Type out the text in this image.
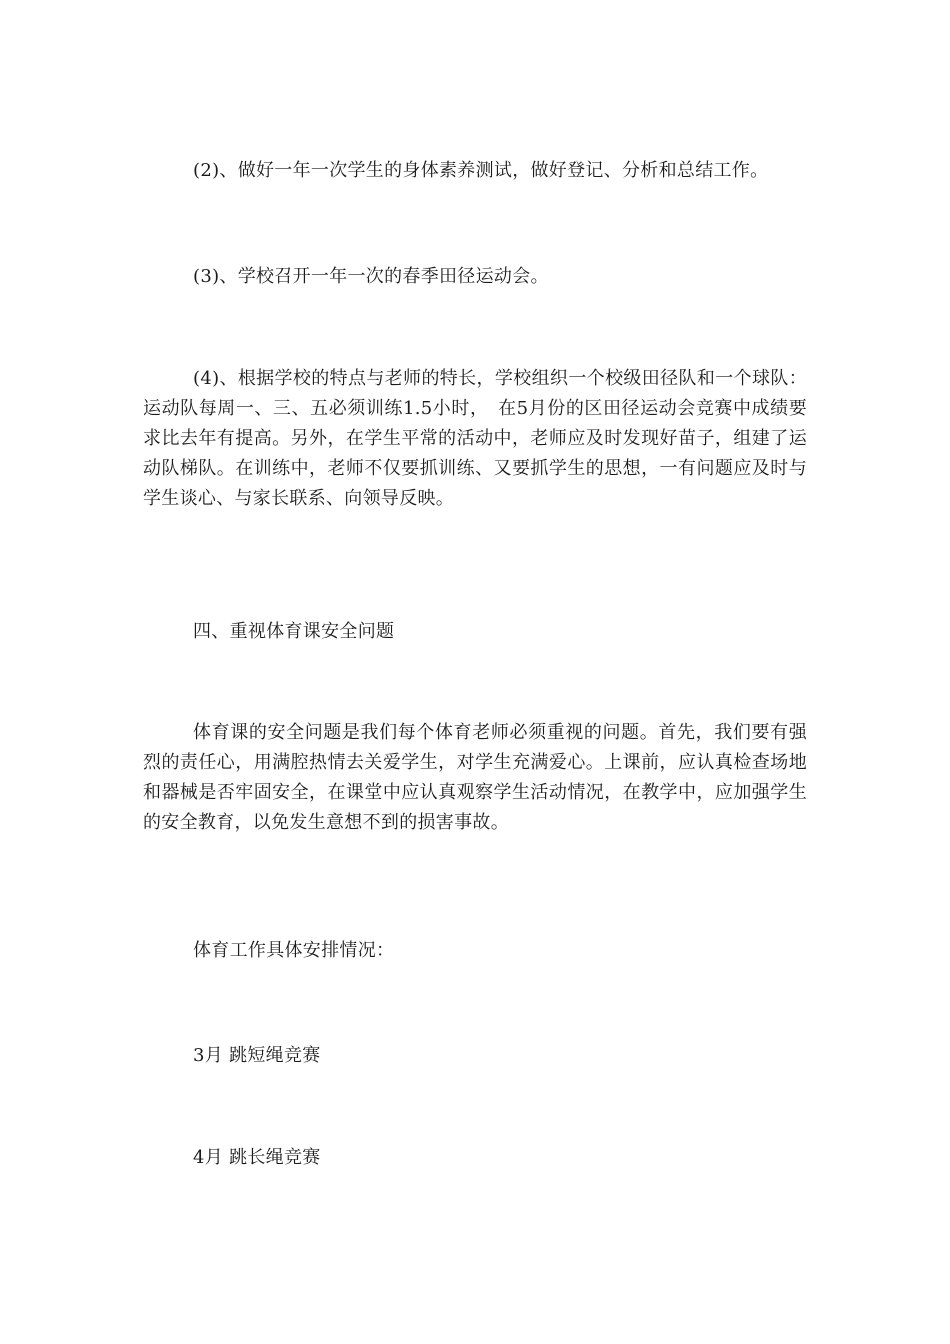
(2)、做好一年一次学生的身体素养测试，做好登记、分析和总结工作。

(3)、学校召开一年一次的春季田径运动会。

(4)、根据学校的特点与老师的特长，学校组织一个校级田径队和一个球队：运动队每周一、三、五必须训练1.5小时，　在5月份的区田径运动会竞赛中成绩要求比去年有提高。另外，在学生平常的活动中，老师应及时发现好苗子，组建了运动队梯队。在训练中，老师不仅要抓训练、又要抓学生的思想，一有问题应及时与学生谈心、与家长联系、向领导反映。

四、重视体育课安全问题

体育课的安全问题是我们每个体育老师必须重视的问题。首先，我们要有强烈的责任心，用满腔热情去关爱学生，对学生充满爱心。上课前，应认真检查场地和器械是否牢固安全，在课堂中应认真观察学生活动情况，在教学中，应加强学生的安全教育，以免发生意想不到的损害事故。

体育工作具体安排情况：

3月 跳短绳竞赛

4月 跳长绳竞赛
